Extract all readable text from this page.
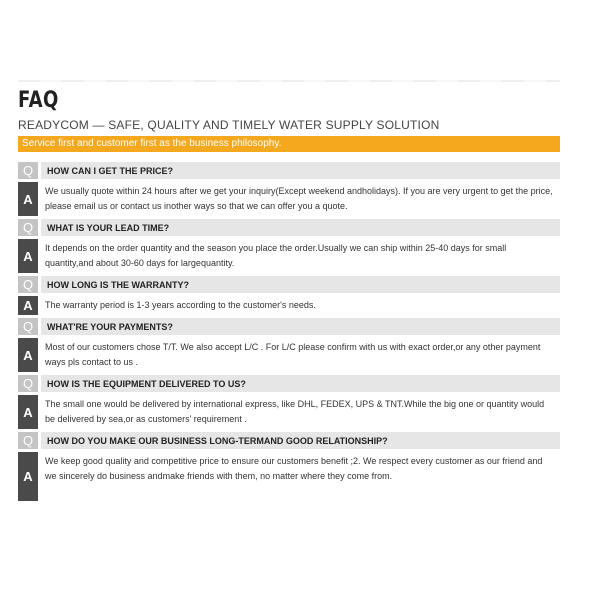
FAQ
READYCOM — SAFE, QUALITY AND TIMELY WATER SUPPLY SOLUTION
Service first and customer first as the business philosophy.
Q	HOW CAN I GET THE PRICE?
A
We usually quote within 24 hours after we get your inquiry(Except weekend andholidays). If you are very urgent to get the price, please email us or contact us inother ways so that we can offer you a quote.
Q	WHAT IS YOUR LEAD TIME?
A
It depends on the order quantity and the season you place the order.Usually we can ship within 25-40 days for small quantity,and about 30-60 days for largequantity.
Q	HOW LONG IS THE WARRANTY?
A	The warranty period is 1-3 years according to the customer's needs.
Q	WHAT'RE YOUR PAYMENTS?
A
Most of our customers chose T/T. We also accept L/C . For L/C please confirm with us with exact order,or any other payment ways pls contact to us .
Q	HOW IS THE EQUIPMENT DELIVERED TO US?
A
The small one would be delivered by international express, like DHL, FEDEX, UPS & TNT.While the big one or quantity would be delivered by sea,or as customers' requirement .
Q	HOW DO YOU MAKE OUR BUSINESS LONG-TERMAND GOOD RELATIONSHIP?
A
We keep good quality and competitive price to ensure our customers benefit ;2. We respect every customer as our friend and we sincerely do business andmake friends with them, no matter where they come from.
